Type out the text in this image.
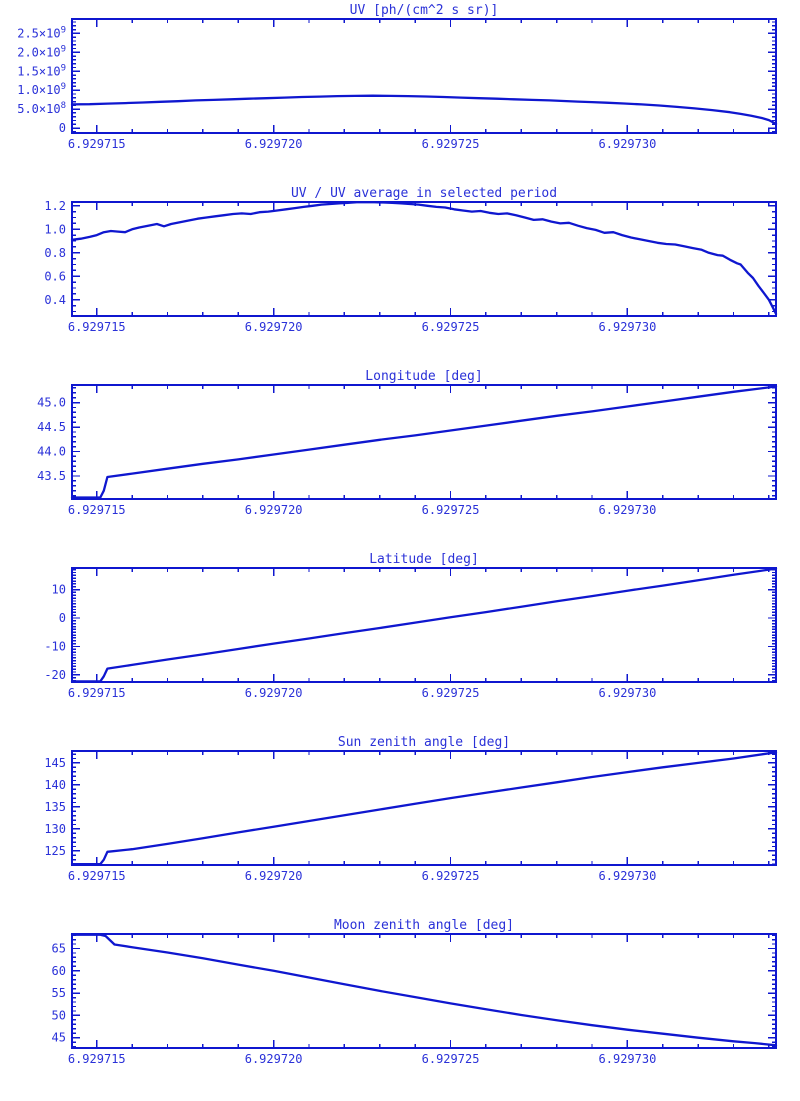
UV [ph/(cm^2 s sr)]
6.929715	6.929720	6.929725	6.929730
0
$5.0\times 10^8$
$1.0\times 10^9$
$1.5\times 10^9$
$2.0\times 10^9$
$2.5\times 10^9$
UV / UV average in selected period
6.929715	6.929720	6.929725	6.929730
0.4
0.6
0.8
1.0
1.2
Longitude [deg]
6.929715	6.929720	6.929725	6.929730
43.5
44.0
44.5
45.0
Latitude [deg]
6.929715	6.929720	6.929725	6.929730
-20
-10
0
10
Sun zenith angle [deg]
6.929715	6.929720	6.929725	6.929730
125
130
135
140
145
Moon zenith angle [deg]
6.929715	6.929720	6.929725	6.929730
45
50
55
60
65
